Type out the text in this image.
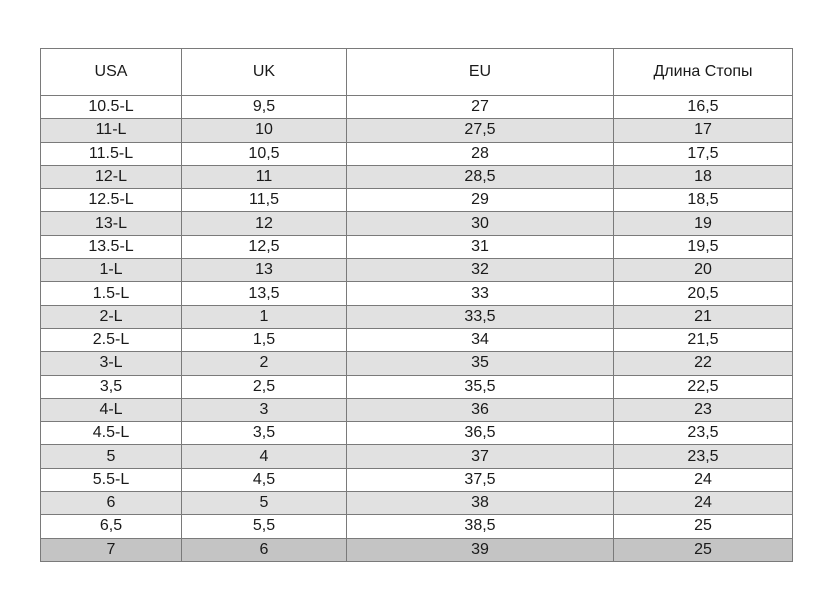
USA	UK	EU	Длина Стопы
10.5-L	9,5	27	16,5
11-L	10	27,5	17
11.5-L	10,5	28	17,5
12-L	11	28,5	18
12.5-L	11,5	29	18,5
13-L	12	30	19
13.5-L	12,5	31	19,5
1-L	13	32	20
1.5-L	13,5	33	20,5
2-L	1	33,5	21
2.5-L	1,5	34	21,5
3-L	2	35	22
3,5	2,5	35,5	22,5
4-L	3	36	23
4.5-L	3,5	36,5	23,5
5	4	37	23,5
5.5-L	4,5	37,5	24
6	5	38	24
6,5	5,5	38,5	25
7	6	39	25
